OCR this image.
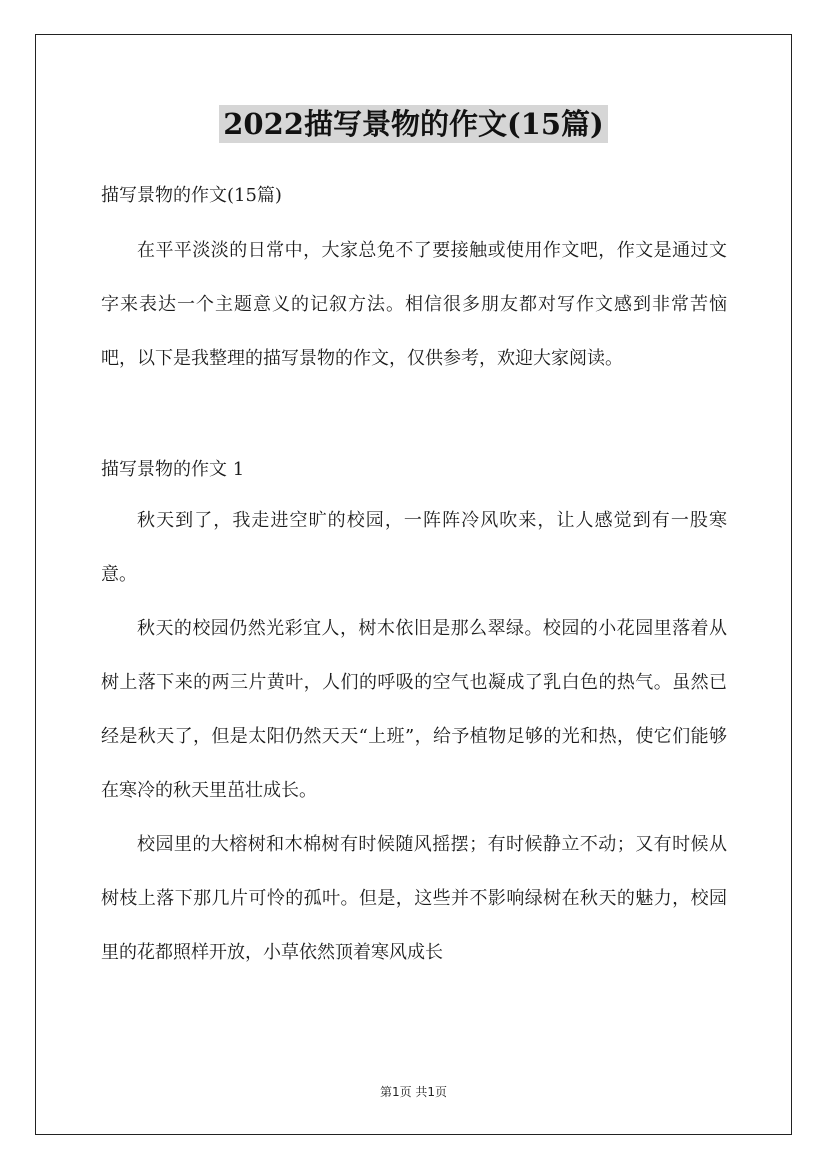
2022描写景物的作文(15篇)

描写景物的作文(15篇)

在平平淡淡的日常中，大家总免不了要接触或使用作文吧，作文是通过文字来表达一个主题意义的记叙方法。相信很多朋友都对写作文感到非常苦恼吧，以下是我整理的描写景物的作文，仅供参考，欢迎大家阅读。

描写景物的作文 1

秋天到了，我走进空旷的校园，一阵阵冷风吹来，让人感觉到有一股寒意。

秋天的校园仍然光彩宜人，树木依旧是那么翠绿。校园的小花园里落着从树上落下来的两三片黄叶，人们的呼吸的空气也凝成了乳白色的热气。虽然已经是秋天了，但是太阳仍然天天“上班”，给予植物足够的光和热，使它们能够在寒冷的秋天里茁壮成长。

校园里的大榕树和木棉树有时候随风摇摆；有时候静立不动；又有时候从树枝上落下那几片可怜的孤叶。但是，这些并不影响绿树在秋天的魅力，校园里的花都照样开放，小草依然顶着寒风成长

第1页 共1页
